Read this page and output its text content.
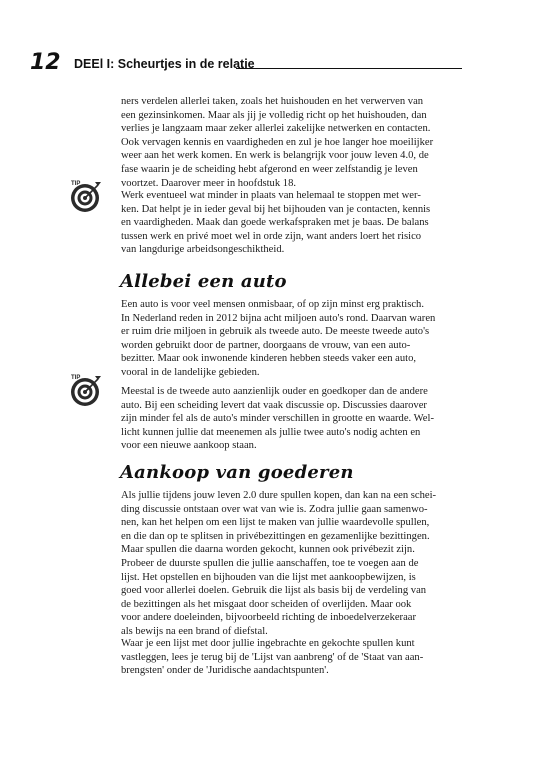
12 DEEl I: Scheurtjes in de relatie
ners verdelen allerlei taken, zoals het huishouden en het verwerven van
een gezinsinkomen. Maar als jij je volledig richt op het huishouden, dan
verlies je langzaam maar zeker allerlei zakelijke netwerken en contacten.
Ook vervagen kennis en vaardigheden en zul je hoe langer hoe moeilijker
weer aan het werk komen. En werk is belangrijk voor jouw leven 4.0, de
fase waarin je de scheiding hebt afgerond en weer zelfstandig je leven
voortzet. Daarover meer in hoofdstuk 18.
TIP
Werk eventueel wat minder in plaats van helemaal te stoppen met wer-
ken. Dat helpt je in ieder geval bij het bijhouden van je contacten, kennis
en vaardigheden. Maak dan goede werkafspraken met je baas. De balans
tussen werk en privé moet wel in orde zijn, want anders loert het risico
van langdurige arbeidsongeschiktheid.
Allebei een auto
Een auto is voor veel mensen onmisbaar, of op zijn minst erg praktisch.
In Nederland reden in 2012 bijna acht miljoen auto's rond. Daarvan waren
er ruim drie miljoen in gebruik als tweede auto. De meeste tweede auto's
worden gebruikt door de partner, doorgaans de vrouw, van een auto-
bezitter. Maar ook inwonende kinderen hebben steeds vaker een auto,
vooral in de landelijke gebieden.
TIP
Meestal is de tweede auto aanzienlijk ouder en goedkoper dan de andere
auto. Bij een scheiding levert dat vaak discussie op. Discussies daarover
zijn minder fel als de auto's minder verschillen in grootte en waarde. Wel-
licht kunnen jullie dat meenemen als jullie twee auto's nodig achten en
voor een nieuwe aankoop staan.
Aankoop van goederen
Als jullie tijdens jouw leven 2.0 dure spullen kopen, dan kan na een schei-
ding discussie ontstaan over wat van wie is. Zodra jullie gaan samenwo-
nen, kan het helpen om een lijst te maken van jullie waardevolle spullen,
en die dan op te splitsen in privébezittingen en gezamenlijke bezittingen.
Maar spullen die daarna worden gekocht, kunnen ook privébezit zijn.
Probeer de duurste spullen die jullie aanschaffen, toe te voegen aan de
lijst. Het opstellen en bijhouden van die lijst met aankoopbewijzen, is
goed voor allerlei doelen. Gebruik die lijst als basis bij de verdeling van
de bezittingen als het misgaat door scheiden of overlijden. Maar ook
voor andere doeleinden, bijvoorbeeld richting de inboedelverzekeraar
als bewijs na een brand of diefstal.
Waar je een lijst met door jullie ingebrachte en gekochte spullen kunt
vastleggen, lees je terug bij de 'Lijst van aanbreng' of de 'Staat van aan-
brengsten' onder de 'Juridische aandachtspunten'.
